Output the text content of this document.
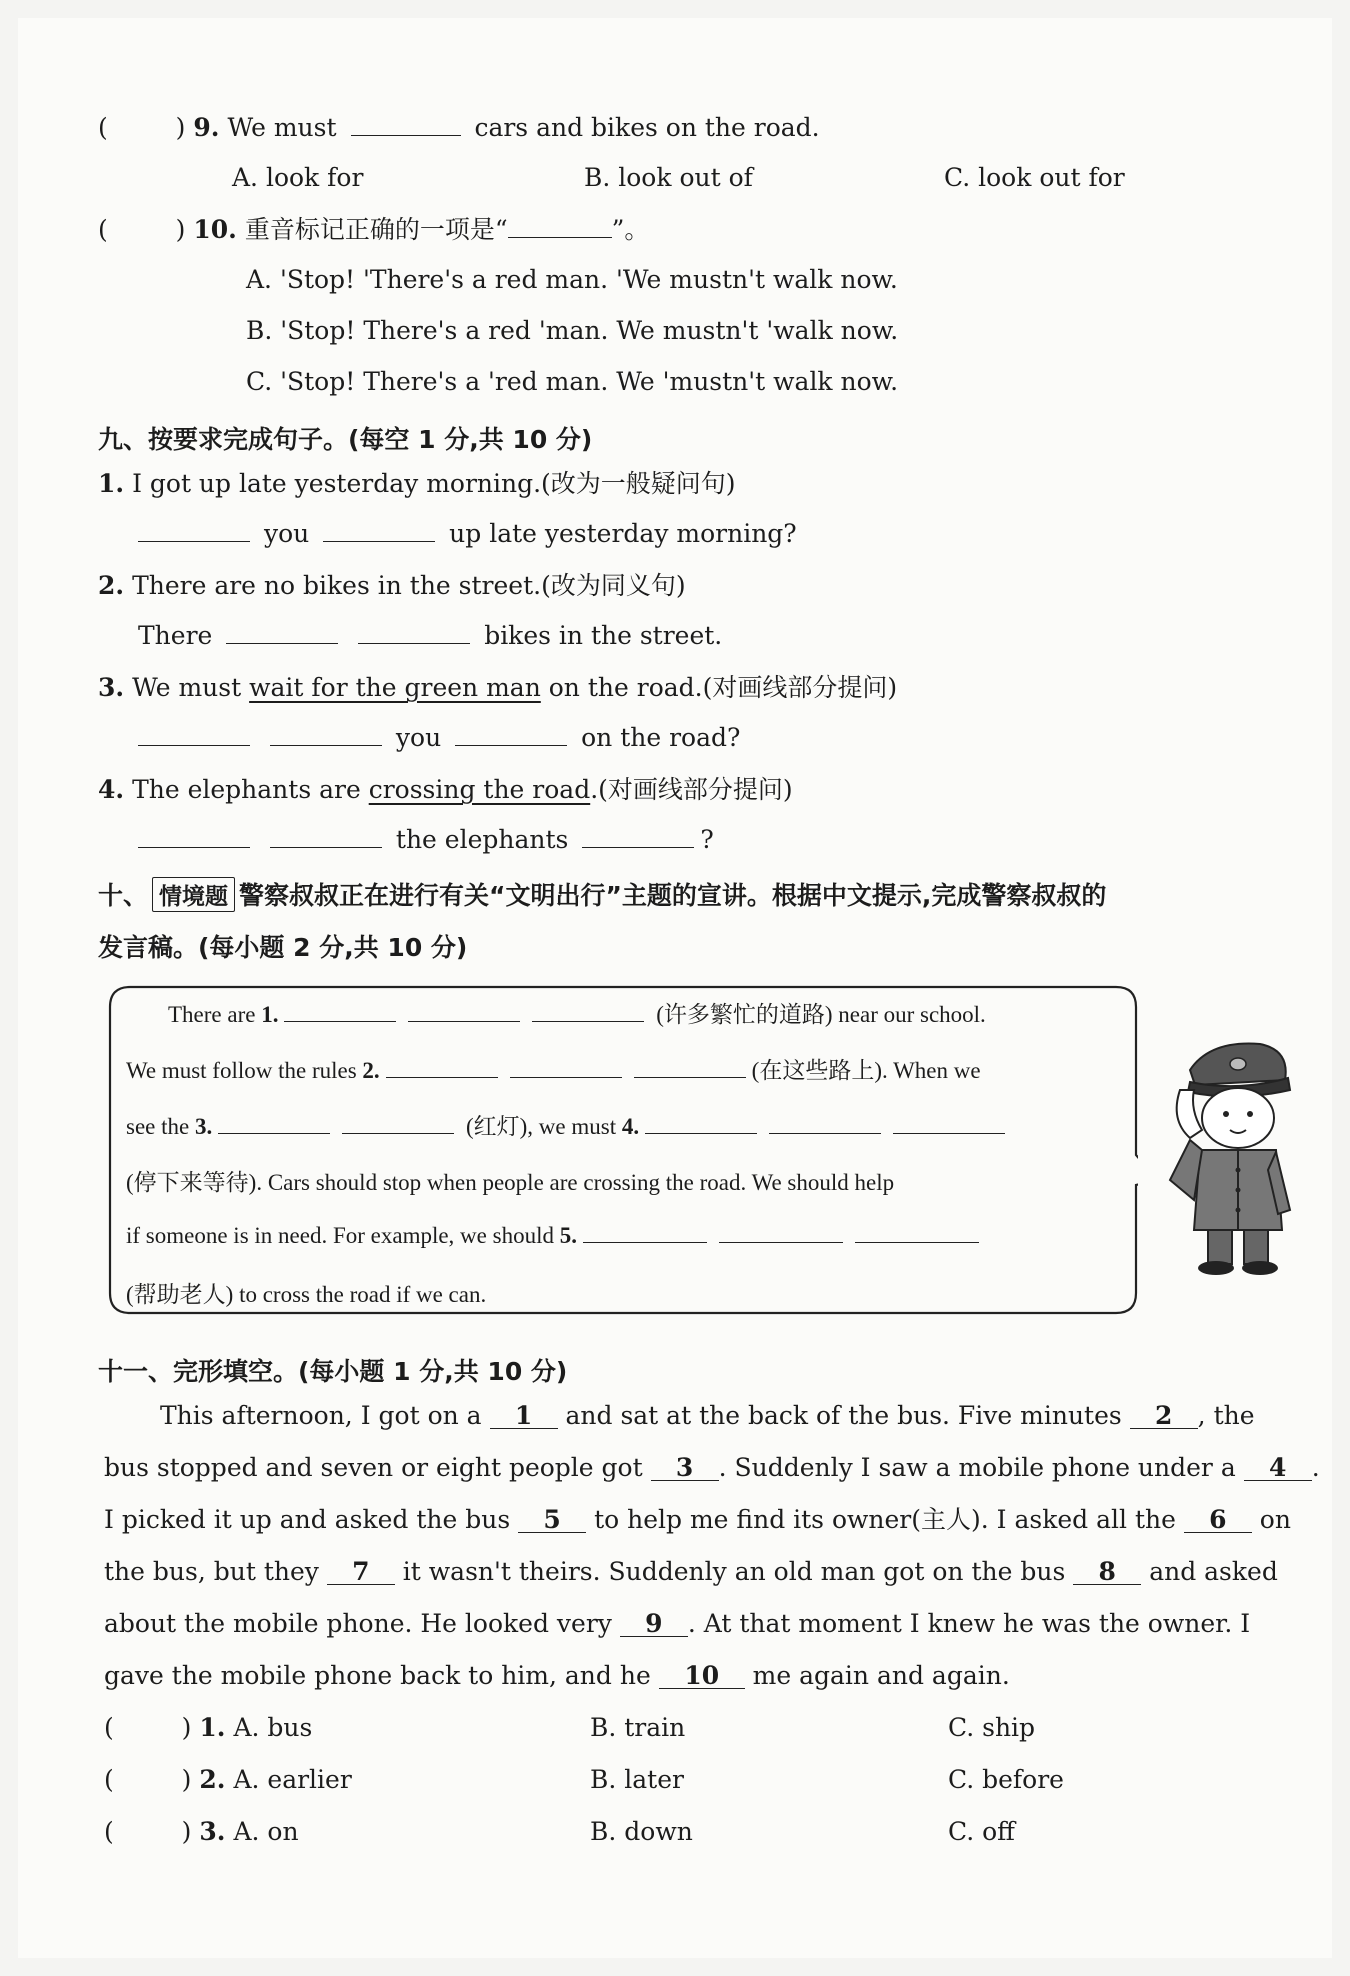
(	) 9. We must	cars and bikes on the road.
A. look for	B. look out of	C. look out for
(	) 10. 重音标记正确的一项是“	”。
A. 'Stop! 'There's a red man. 'We mustn't walk now.
B. 'Stop! There's a red 'man. We mustn't 'walk now.
C. 'Stop! There's a 'red man. We 'mustn't walk now.
九、按要求完成句子。(每空 1 分,共 10 分)
1. I got up late yesterday morning.(改为一般疑问句)
you	up late yesterday morning?
2. There are no bikes in the street.(改为同义句)
There	bikes in the street.
3. We must wait for the green man on the road.(对画线部分提问)
you	on the road?
4. The elephants are crossing the road.(对画线部分提问)
the elephants	?
十、 情境题 警察叔叔正在进行有关“文明出行”主题的宣讲。根据中文提示,完成警察叔叔的
发言稿。(每小题 2 分,共 10 分)
There are 1.	(许多繁忙的道路) near our school.
We must follow the rules 2.	(在这些路上). When we
see the 3.	(红灯), we must 4.
(停下来等待). Cars should stop when people are crossing the road. We should help
if someone is in need. For example, we should 5.
(帮助老人) to cross the road if we can.
十一、完形填空。(每小题 1 分,共 10 分)
This afternoon, I got on a 1 and sat at the back of the bus. Five minutes 2 , the
bus stopped and seven or eight people got 3 . Suddenly I saw a mobile phone under a 4 .
I picked it up and asked the bus 5 to help me find its owner(主人). I asked all the 6 on
the bus, but they 7 it wasn't theirs. Suddenly an old man got on the bus 8 and asked
about the mobile phone. He looked very 9 . At that moment I knew he was the owner. I
gave the mobile phone back to him, and he 10 me again and again.
(	) 1. A. bus	B. train	C. ship
(	) 2. A. earlier	B. later	C. before
(	) 3. A. on	B. down	C. off
